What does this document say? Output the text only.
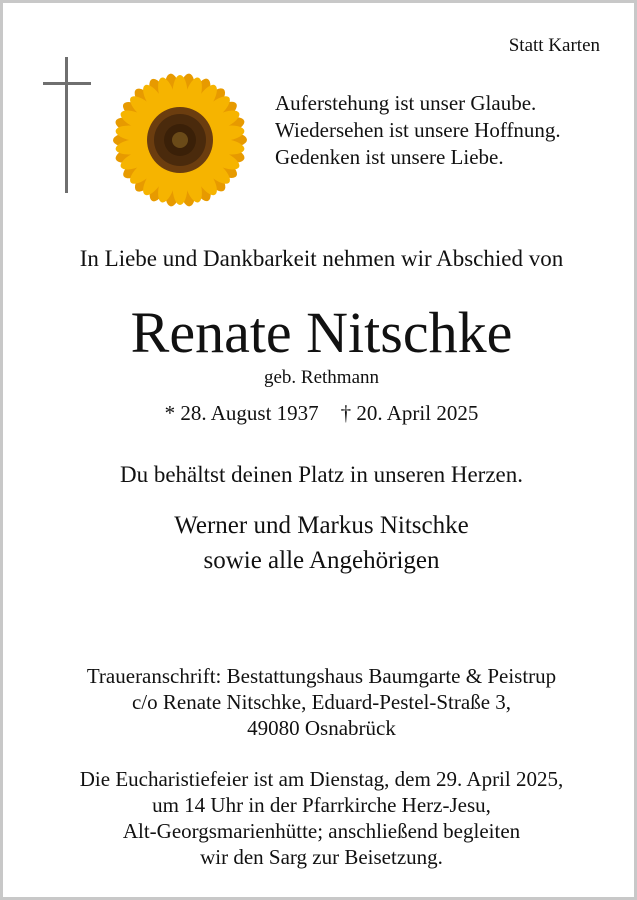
Statt Karten
Auferstehung ist unser Glaube.
Wiedersehen ist unsere Hoffnung.
Gedenken ist unsere Liebe.
In Liebe und Dankbarkeit nehmen wir Abschied von
Renate Nitschke
geb. Rethmann
* 28. August 1937 † 20. April 2025
Du behältst deinen Platz in unseren Herzen.
Werner und Markus Nitschke
sowie alle Angehörigen
Traueranschrift: Bestattungshaus Baumgarte & Peistrup
c/o Renate Nitschke, Eduard-Pestel-Straße 3,
49080 Osnabrück
Die Eucharistiefeier ist am Dienstag, dem 29. April 2025,
um 14 Uhr in der Pfarrkirche Herz-Jesu,
Alt-Georgsmarienhütte; anschließend begleiten
wir den Sarg zur Beisetzung.
